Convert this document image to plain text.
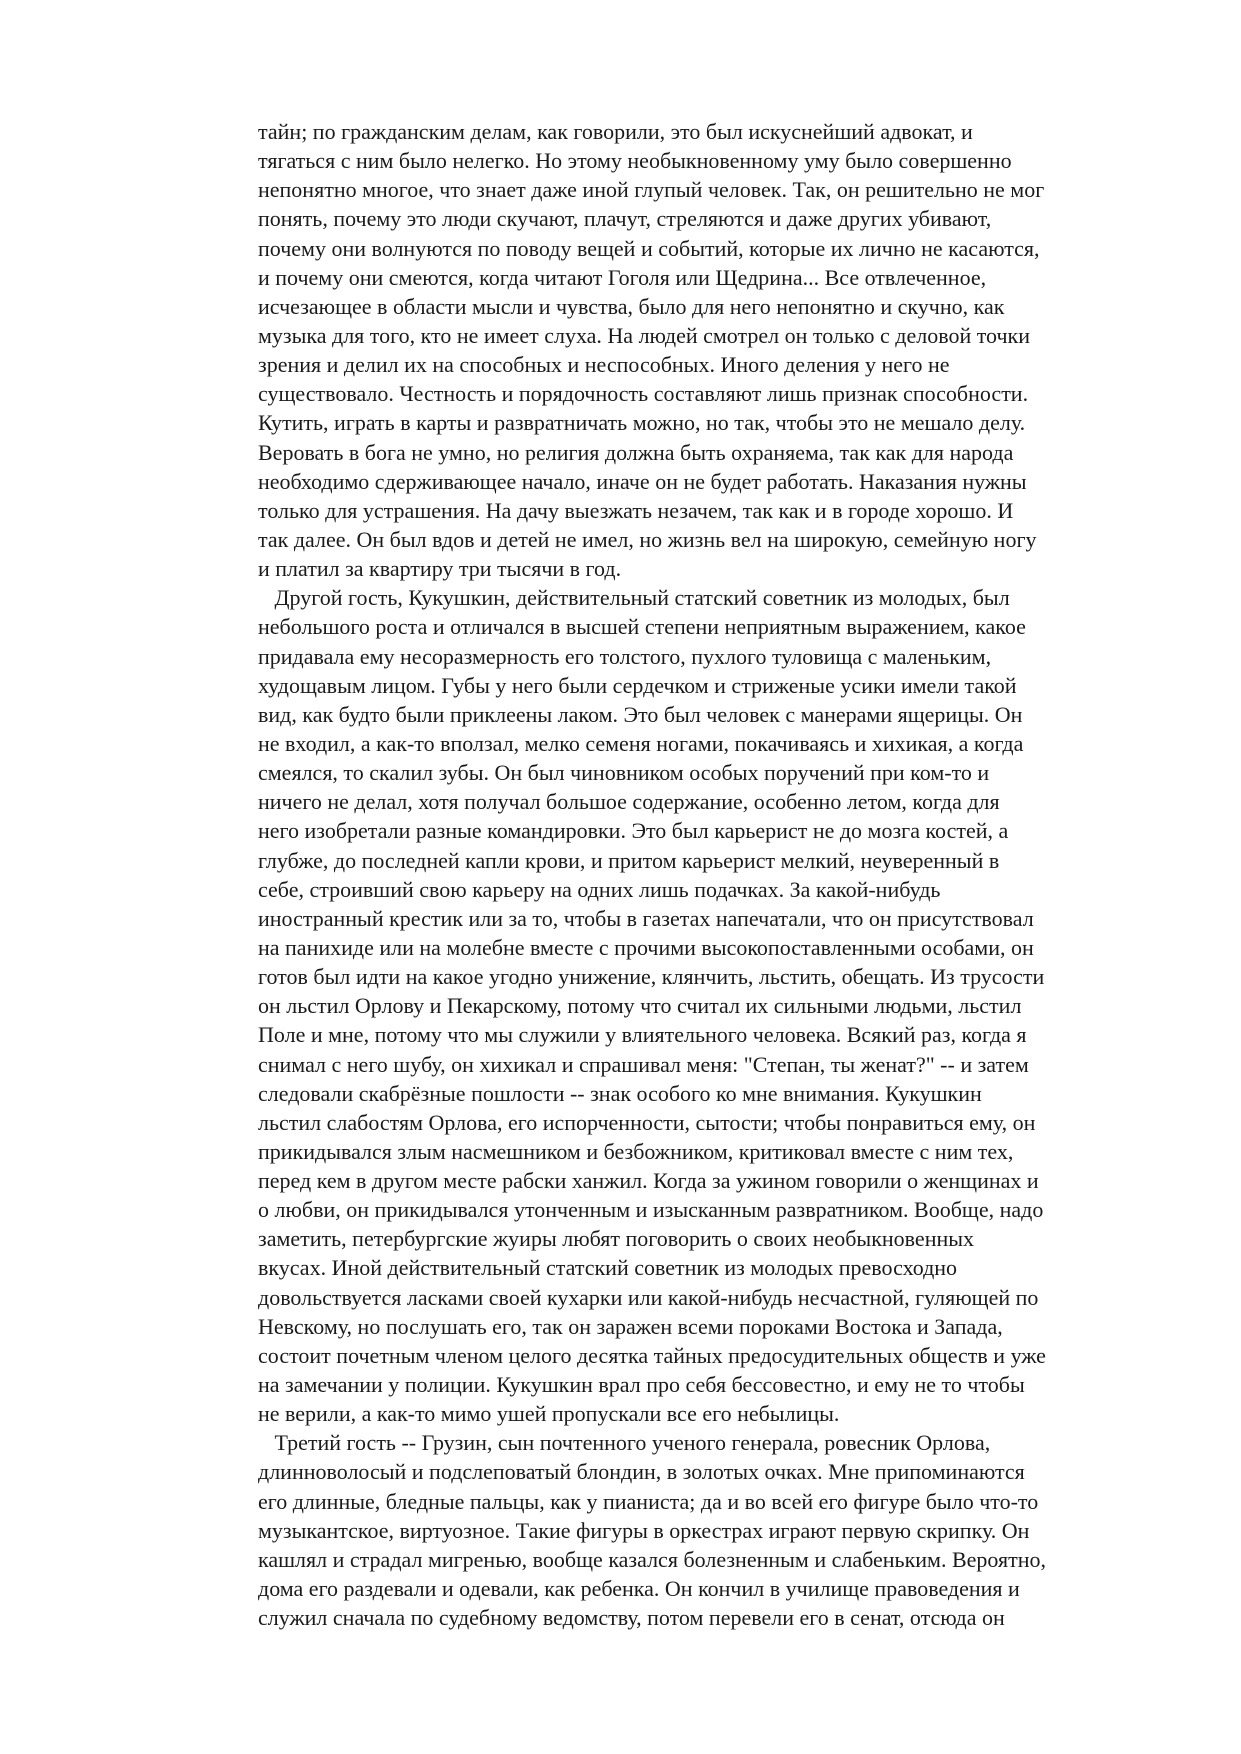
тайн; по гражданским делам, как говорили, это был искуснейший адвокат, и
тягаться с ним было нелегко. Но этому необыкновенному уму было совершенно
непонятно многое, что знает даже иной глупый человек. Так, он решительно не мог
понять, почему это люди скучают, плачут, стреляются и даже других убивают,
почему они волнуются по поводу вещей и событий, которые их лично не касаются,
и почему они смеются, когда читают Гоголя или Щедрина... Все отвлеченное,
исчезающее в области мысли и чувства, было для него непонятно и скучно, как
музыка для того, кто не имеет слуха. На людей смотрел он только с деловой точки
зрения и делил их на способных и неспособных. Иного деления у него не
существовало. Честность и порядочность составляют лишь признак способности.
Кутить, играть в карты и развратничать можно, но так, чтобы это не мешало делу.
Веровать в бога не умно, но религия должна быть охраняема, так как для народа
необходимо сдерживающее начало, иначе он не будет работать. Наказания нужны
только для устрашения. На дачу выезжать незачем, так как и в городе хорошо. И
так далее. Он был вдов и детей не имел, но жизнь вел на широкую, семейную ногу
и платил за квартиру три тысячи в год.
Другой гость, Кукушкин, действительный статский советник из молодых, был
небольшого роста и отличался в высшей степени неприятным выражением, какое
придавала ему несоразмерность его толстого, пухлого туловища с маленьким,
худощавым лицом. Губы у него были сердечком и стриженые усики имели такой
вид, как будто были приклеены лаком. Это был человек с манерами ящерицы. Он
не входил, а как-то вползал, мелко семеня ногами, покачиваясь и хихикая, а когда
смеялся, то скалил зубы. Он был чиновником особых поручений при ком-то и
ничего не делал, хотя получал большое содержание, особенно летом, когда для
него изобретали разные командировки. Это был карьерист не до мозга костей, а
глубже, до последней капли крови, и притом карьерист мелкий, неуверенный в
себе, строивший свою карьеру на одних лишь подачках. За какой-нибудь
иностранный крестик или за то, чтобы в газетах напечатали, что он присутствовал
на панихиде или на молебне вместе с прочими высокопоставленными особами, он
готов был идти на какое угодно унижение, клянчить, льстить, обещать. Из трусости
он льстил Орлову и Пекарскому, потому что считал их сильными людьми, льстил
Поле и мне, потому что мы служили у влиятельного человека. Всякий раз, когда я
снимал с него шубу, он хихикал и спрашивал меня: "Степан, ты женат?" -- и затем
следовали скабрёзные пошлости -- знак особого ко мне внимания. Кукушкин
льстил слабостям Орлова, его испорченности, сытости; чтобы понравиться ему, он
прикидывался злым насмешником и безбожником, критиковал вместе с ним тех,
перед кем в другом месте рабски ханжил. Когда за ужином говорили о женщинах и
о любви, он прикидывался утонченным и изысканным развратником. Вообще, надо
заметить, петербургские жуиры любят поговорить о своих необыкновенных
вкусах. Иной действительный статский советник из молодых превосходно
довольствуется ласками своей кухарки или какой-нибудь несчастной, гуляющей по
Невскому, но послушать его, так он заражен всеми пороками Востока и Запада,
состоит почетным членом целого десятка тайных предосудительных обществ и уже
на замечании у полиции. Кукушкин врал про себя бессовестно, и ему не то чтобы
не верили, а как-то мимо ушей пропускали все его небылицы.
Третий гость -- Грузин, сын почтенного ученого генерала, ровесник Орлова,
длинноволосый и подслеповатый блондин, в золотых очках. Мне припоминаются
его длинные, бледные пальцы, как у пианиста; да и во всей его фигуре было что-то
музыкантское, виртуозное. Такие фигуры в оркестрах играют первую скрипку. Он
кашлял и страдал мигренью, вообще казался болезненным и слабеньким. Вероятно,
дома его раздевали и одевали, как ребенка. Он кончил в училище правоведения и
служил сначала по судебному ведомству, потом перевели его в сенат, отсюда он
